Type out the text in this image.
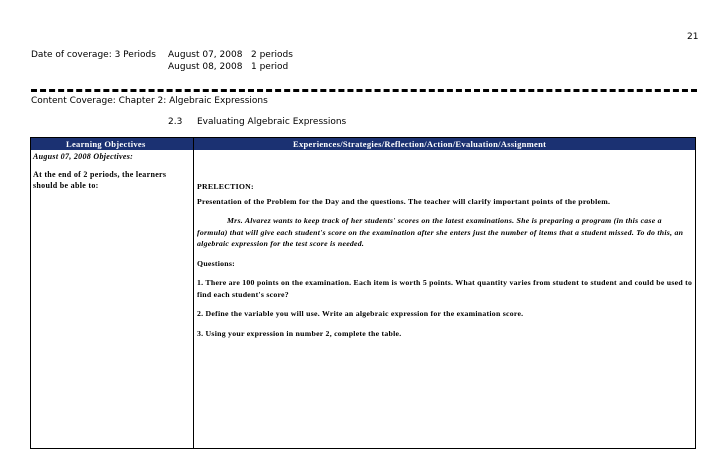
21
Date of coverage: 3 Periods August 07, 2008 2 periods
August 08, 2008 1 period
Content Coverage: Chapter 2: Algebraic Expressions
2.3 Evaluating Algebraic Expressions
Learning Objectives	Experiences/Strategies/Reflection/Action/Evaluation/Assignment

August 07, 2008 Objectives:

At the end of 2 periods, the learners should be able to:	PRELECTION:

Presentation of the Problem for the Day and the questions. The teacher will clarify important points of the problem.

Mrs. Alvarez wants to keep track of her students' scores on the latest examinations. She is preparing a program (in this case a formula) that will give each student's score on the examination after she enters just the number of items that a student missed. To do this, an algebraic expression for the test score is needed.

Questions:

1. There are 100 points on the examination. Each item is worth 5 points. What quantity varies from student to student and could be used to find each student's score?

2. Define the variable you will use. Write an algebraic expression for the examination score.

3. Using your expression in number 2, complete the table.
